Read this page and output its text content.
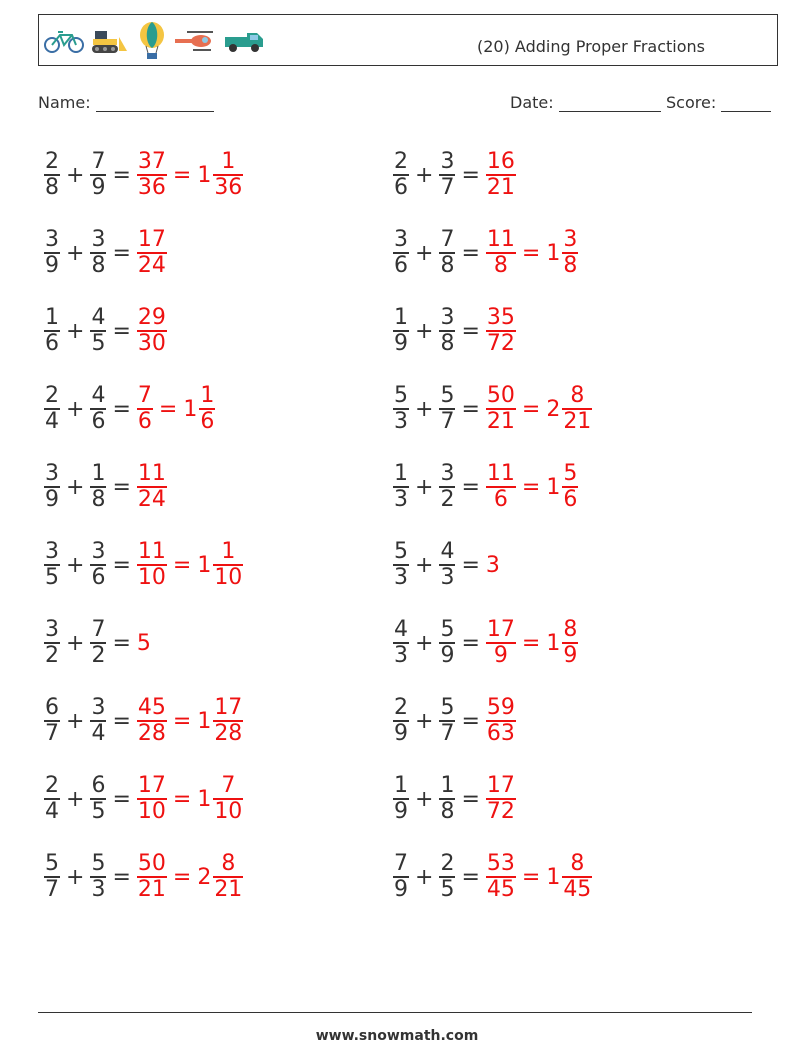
(20) Adding Proper Fractions
Name:	Date:	Score:
$\frac{2}{8} + \frac{7}{9} = \frac{37}{36} = 1 \frac{1}{36}$	$\frac{2}{6} + \frac{3}{7} = \frac{16}{21}$
$\frac{3}{9} + \frac{3}{8} = \frac{17}{24}$	$\frac{3}{6} + \frac{7}{8} = \frac{11}{8} = 1 \frac{3}{8}$
$\frac{1}{6} + \frac{4}{5} = \frac{29}{30}$	$\frac{1}{9} + \frac{3}{8} = \frac{35}{72}$
$\frac{2}{4} + \frac{4}{6} = \frac{7}{6} = 1 \frac{1}{6}$	$\frac{5}{3} + \frac{5}{7} = \frac{50}{21} = 2 \frac{8}{21}$
$\frac{3}{9} + \frac{1}{8} = \frac{11}{24}$	$\frac{1}{3} + \frac{3}{2} = \frac{11}{6} = 1 \frac{5}{6}$
$\frac{3}{5} + \frac{3}{6} = \frac{11}{10} = 1 \frac{1}{10}$	$\frac{5}{3} + \frac{4}{3} = 3$
$\frac{3}{2} + \frac{7}{2} = 5$	$\frac{4}{3} + \frac{5}{9} = \frac{17}{9} = 1 \frac{8}{9}$
$\frac{6}{7} + \frac{3}{4} = \frac{45}{28} = 1 \frac{17}{28}$	$\frac{2}{9} + \frac{5}{7} = \frac{59}{63}$
$\frac{2}{4} + \frac{6}{5} = \frac{17}{10} = 1 \frac{7}{10}$	$\frac{1}{9} + \frac{1}{8} = \frac{17}{72}$
$\frac{5}{7} + \frac{5}{3} = \frac{50}{21} = 2 \frac{8}{21}$	$\frac{7}{9} + \frac{2}{5} = \frac{53}{45} = 1 \frac{8}{45}$
www.snowmath.com
